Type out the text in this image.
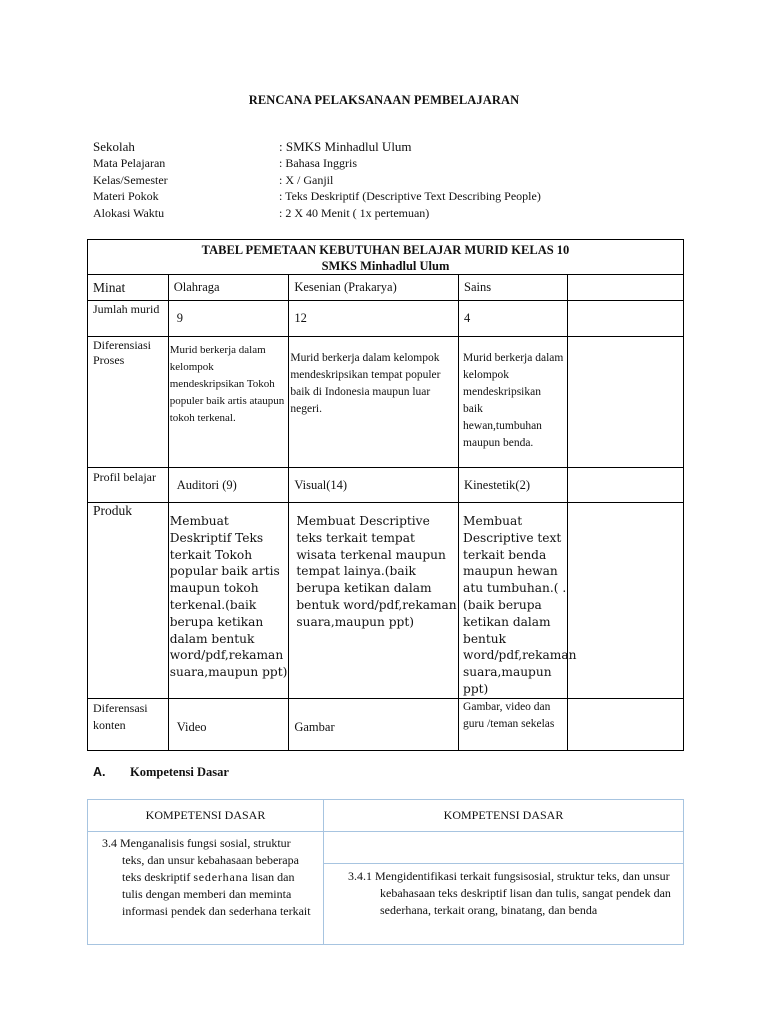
RENCANA PELAKSANAAN PEMBELAJARAN
Sekolah	: SMKS Minhadlul Ulum
Mata Pelajaran	: Bahasa Inggris
Kelas/Semester	: X / Ganjil
Materi Pokok	: Teks Deskriptif (Descriptive Text Describing People)
Alokasi Waktu	: 2 X 40 Menit ( 1x pertemuan)
TABEL PEMETAAN KEBUTUHAN BELAJAR MURID KELAS 10
SMKS Minhadlul Ulum				

Minat	Olahraga	Kesenian (Prakarya)	Sains	
Jumlah murid	9	12	4	
Diferensiasi Proses	Murid berkerja dalam kelompok mendeskripsikan Tokoh populer baik artis ataupun tokoh terkenal.	Murid berkerja dalam kelompok mendeskripsikan tempat populer baik di Indonesia maupun luar negeri.	Murid berkerja dalam kelompok mendeskripsikan baik hewan,tumbuhan maupun benda.	
Profil belajar	Auditori (9)	Visual(14)	Kinestetik(2)	
Produk	Membuat Deskriptif Teks terkait Tokoh popular baik artis maupun tokoh terkenal.(baik berupa ketikan dalam bentuk word/pdf,rekaman suara,maupun ppt)	Membuat Descriptive teks terkait tempat wisata terkenal maupun tempat lainya.(baik berupa ketikan dalam bentuk word/pdf,rekaman suara,maupun ppt)	Membuat Descriptive text terkait benda maupun hewan atu tumbuhan.( .(baik berupa ketikan dalam bentuk word/pdf,rekaman suara,maupun ppt)	
Diferensasi konten	Video	Gambar	Gambar, video dan guru /teman sekelas	
A. Kompetensi Dasar
KOMPETENSI DASAR	KOMPETENSI DASAR

3.4 Menganalisis fungsi sosial, struktur teks, dan unsur kebahasaan beberapa teks deskriptif sederhana lisan dan tulis dengan memberi dan meminta informasi pendek dan sederhana terkait	

	3.4.1 Mengidentifikasi terkait fungsisosial, struktur teks, dan unsur kebahasaan teks deskriptif lisan dan tulis, sangat pendek dan sederhana, terkait orang, binatang, dan benda
